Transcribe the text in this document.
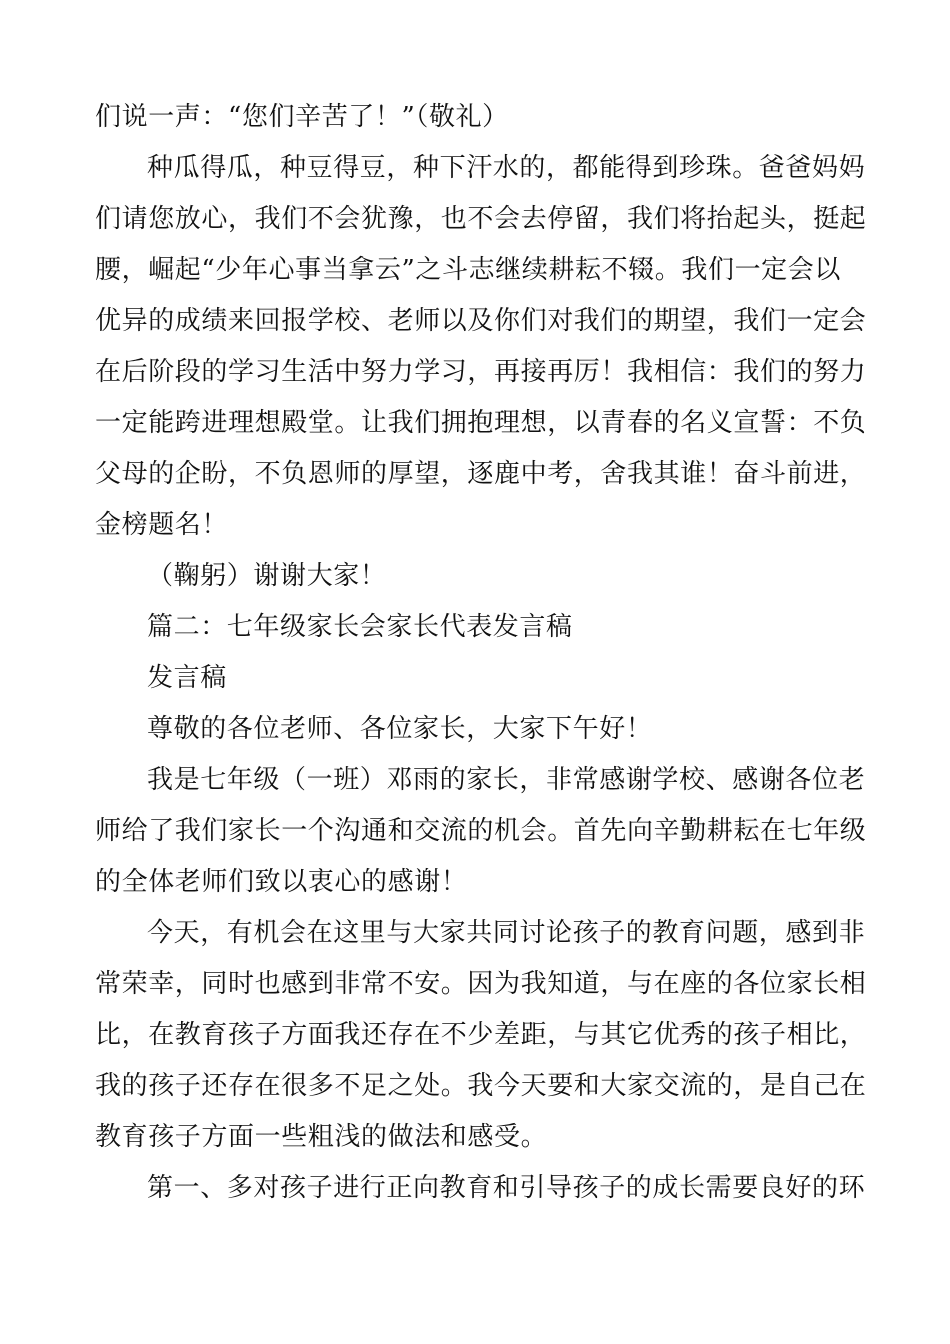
们说一声：“您们辛苦了！”（敬礼）
种瓜得瓜，种豆得豆，种下汗水的，都能得到珍珠。爸爸妈妈
们请您放心，我们不会犹豫，也不会去停留，我们将抬起头，挺起
腰，崛起“少年心事当拿云”之斗志继续耕耘不辍。我们一定会以
优异的成绩来回报学校、老师以及你们对我们的期望，我们一定会
在后阶段的学习生活中努力学习，再接再厉！我相信：我们的努力
一定能跨进理想殿堂。让我们拥抱理想，以青春的名义宣誓：不负
父母的企盼，不负恩师的厚望，逐鹿中考，舍我其谁！奋斗前进，
金榜题名！
（鞠躬）谢谢大家！
篇二：七年级家长会家长代表发言稿
发言稿
尊敬的各位老师、各位家长，大家下午好！
我是七年级（一班）邓雨的家长，非常感谢学校、感谢各位老
师给了我们家长一个沟通和交流的机会。首先向辛勤耕耘在七年级
的全体老师们致以衷心的感谢！
今天，有机会在这里与大家共同讨论孩子的教育问题，感到非
常荣幸，同时也感到非常不安。因为我知道，与在座的各位家长相
比，在教育孩子方面我还存在不少差距，与其它优秀的孩子相比，
我的孩子还存在很多不足之处。我今天要和大家交流的，是自己在
教育孩子方面一些粗浅的做法和感受。
第一、多对孩子进行正向教育和引导孩子的成长需要良好的环
